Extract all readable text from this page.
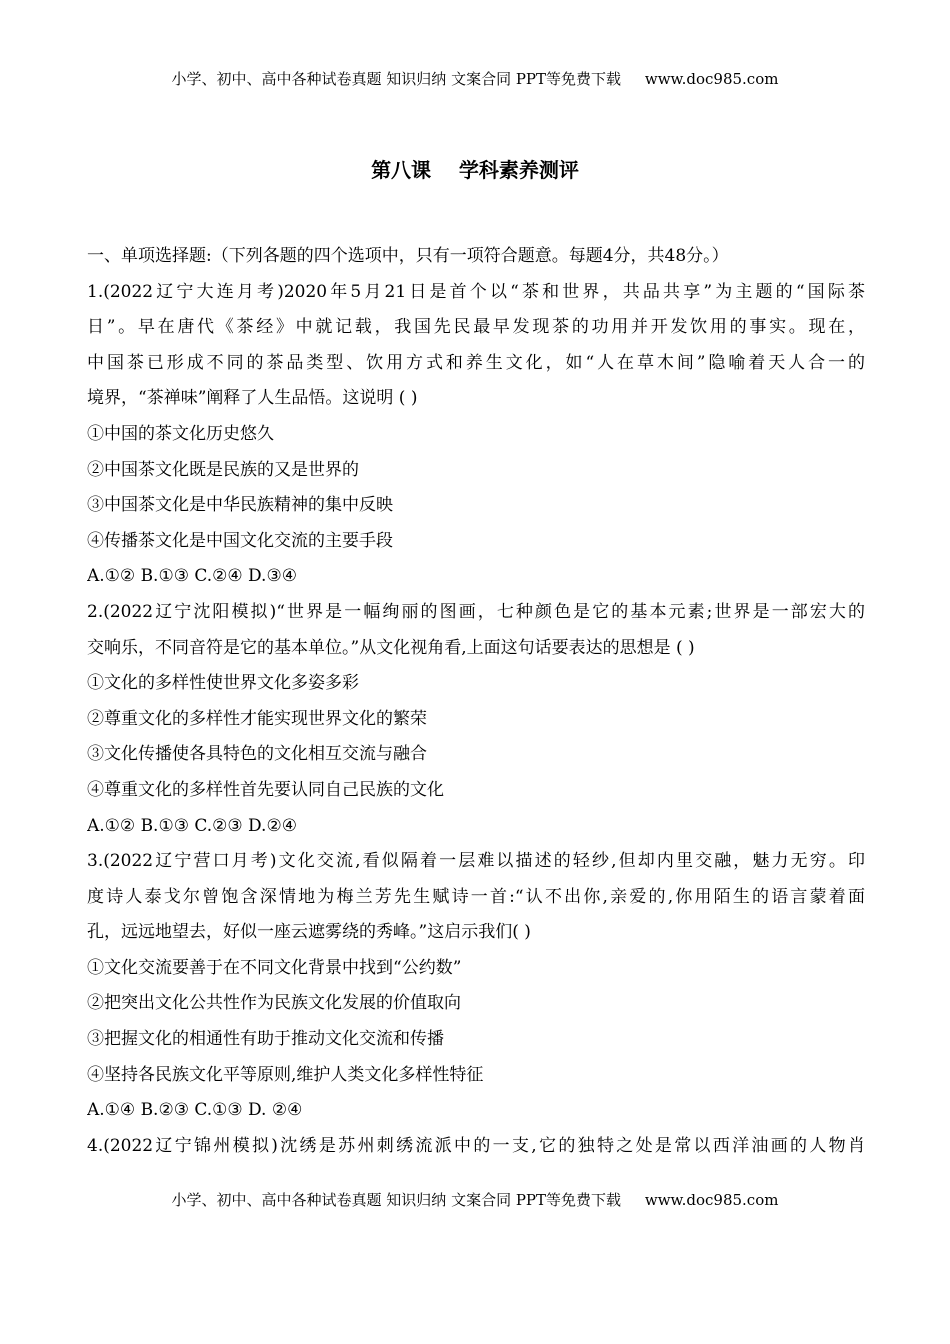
小学、初中、高中各种试卷真题 知识归纳 文案合同 PPT等免费下载     www.doc985.com
第八课    学科素养测评
一、单项选择题:（下列各题的四个选项中，只有一项符合题意。每题4分，共48分。）
1.(2022辽宁大连月考)2020年5月21日是首个以“茶和世界，共品共享”为主题的“国际茶
日”。早在唐代《茶经》中就记载，我国先民最早发现茶的功用并开发饮用的事实。现在，
中国茶已形成不同的茶品类型、饮用方式和养生文化，如“人在草木间”隐喻着天人合一的
境界，“茶禅味”阐释了人生品悟。这说明 ( )
①中国的茶文化历史悠久
②中国茶文化既是民族的又是世界的
③中国茶文化是中华民族精神的集中反映
④传播茶文化是中国文化交流的主要手段
A.①② B.①③ C.②④ D.③④
2.(2022辽宁沈阳模拟)“世界是一幅绚丽的图画，七种颜色是它的基本元素;世界是一部宏大的
交响乐，不同音符是它的基本单位。”从文化视角看,上面这句话要表达的思想是 ( )
①文化的多样性使世界文化多姿多彩
②尊重文化的多样性才能实现世界文化的繁荣
③文化传播使各具特色的文化相互交流与融合
④尊重文化的多样性首先要认同自己民族的文化
A.①② B.①③ C.②③ D.②④
3.(2022辽宁营口月考)文化交流,看似隔着一层难以描述的轻纱,但却内里交融，魅力无穷。印
度诗人泰戈尔曾饱含深情地为梅兰芳先生赋诗一首:“认不出你,亲爱的,你用陌生的语言蒙着面
孔，远远地望去，好似一座云遮雾绕的秀峰。”这启示我们( )
①文化交流要善于在不同文化背景中找到“公约数”
②把突出文化公共性作为民族文化发展的价值取向
③把握文化的相通性有助于推动文化交流和传播
④坚持各民族文化平等原则,维护人类文化多样性特征
A.①④ B.②③ C.①③ D. ②④
4.(2022辽宁锦州模拟)沈绣是苏州刺绣流派中的一支,它的独特之处是常以西洋油画的人物肖
小学、初中、高中各种试卷真题 知识归纳 文案合同 PPT等免费下载     www.doc985.com
